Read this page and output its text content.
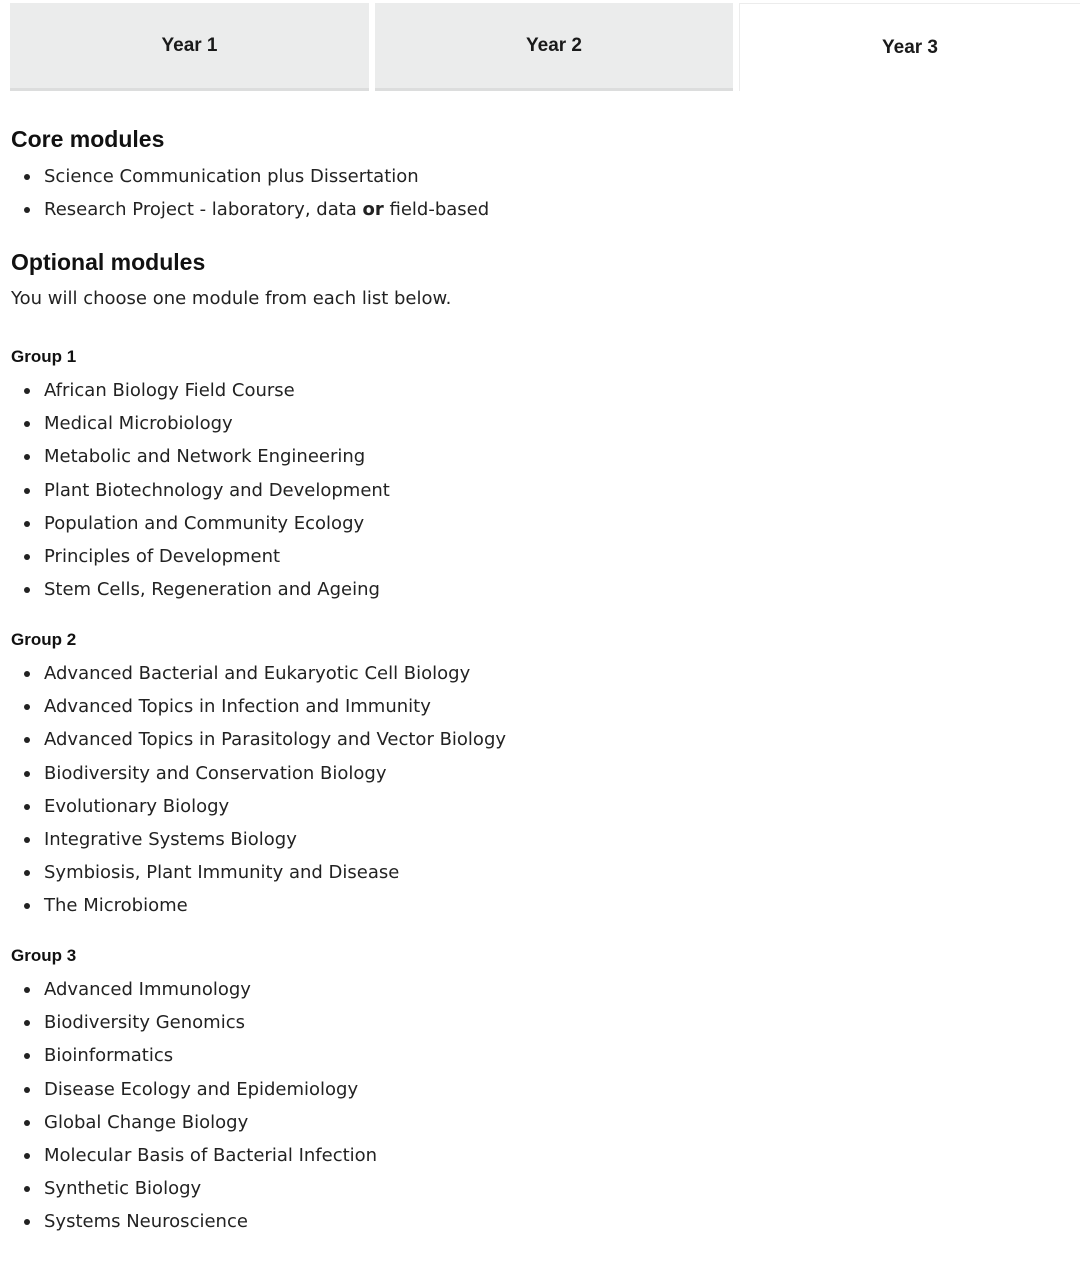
Year 1	Year 2	Year 3
Core modules
Science Communication plus Dissertation
Research Project - laboratory, data or field-based
Optional modules
You will choose one module from each list below.
Group 1
African Biology Field Course
Medical Microbiology
Metabolic and Network Engineering
Plant Biotechnology and Development
Population and Community Ecology
Principles of Development
Stem Cells, Regeneration and Ageing
Group 2
Advanced Bacterial and Eukaryotic Cell Biology
Advanced Topics in Infection and Immunity
Advanced Topics in Parasitology and Vector Biology
Biodiversity and Conservation Biology
Evolutionary Biology
Integrative Systems Biology
Symbiosis, Plant Immunity and Disease
The Microbiome
Group 3
Advanced Immunology
Biodiversity Genomics
Bioinformatics
Disease Ecology and Epidemiology
Global Change Biology
Molecular Basis of Bacterial Infection
Synthetic Biology
Systems Neuroscience
